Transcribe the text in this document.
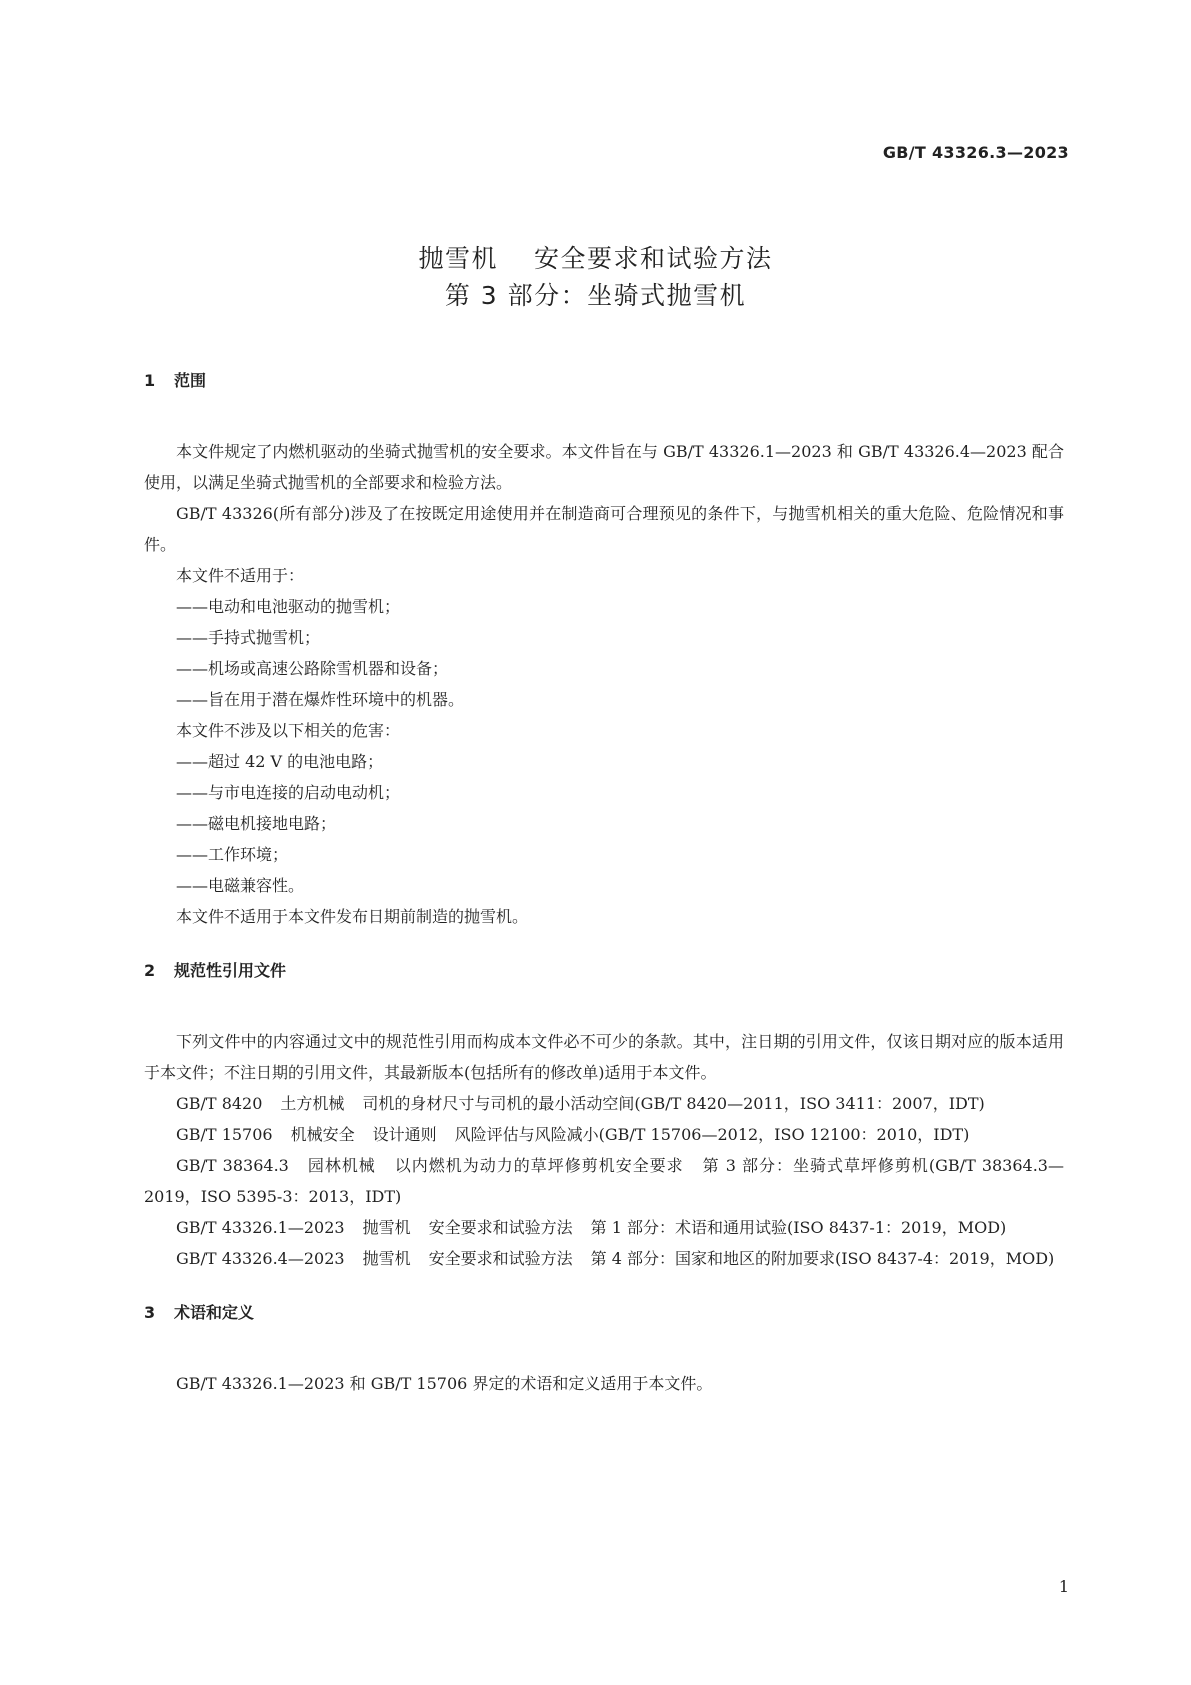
GB/T 43326.3—2023
抛雪机 安全要求和试验方法
第 3 部分：坐骑式抛雪机
1 范围
本文件规定了内燃机驱动的坐骑式抛雪机的安全要求。本文件旨在与 GB/T 43326.1—2023 和 GB/T 43326.4—2023 配合使用，以满足坐骑式抛雪机的全部要求和检验方法。
GB/T 43326(所有部分)涉及了在按既定用途使用并在制造商可合理预见的条件下，与抛雪机相关的重大危险、危险情况和事件。
本文件不适用于：
——电动和电池驱动的抛雪机；
——手持式抛雪机；
——机场或高速公路除雪机器和设备；
——旨在用于潜在爆炸性环境中的机器。
本文件不涉及以下相关的危害：
——超过 42 V 的电池电路；
——与市电连接的启动电动机；
——磁电机接地电路；
——工作环境；
——电磁兼容性。
本文件不适用于本文件发布日期前制造的抛雪机。
2 规范性引用文件
下列文件中的内容通过文中的规范性引用而构成本文件必不可少的条款。其中，注日期的引用文件，仅该日期对应的版本适用于本文件；不注日期的引用文件，其最新版本(包括所有的修改单)适用于本文件。
GB/T 8420 土方机械 司机的身材尺寸与司机的最小活动空间(GB/T 8420—2011，ISO 3411：2007，IDT)
GB/T 15706 机械安全 设计通则 风险评估与风险减小(GB/T 15706—2012，ISO 12100：2010，IDT)
GB/T 38364.3 园林机械 以内燃机为动力的草坪修剪机安全要求 第 3 部分：坐骑式草坪修剪机(GB/T 38364.3—2019，ISO 5395-3：2013，IDT)
GB/T 43326.1—2023 抛雪机 安全要求和试验方法 第 1 部分：术语和通用试验(ISO 8437-1：2019，MOD)
GB/T 43326.4—2023 抛雪机 安全要求和试验方法 第 4 部分：国家和地区的附加要求(ISO 8437-4：2019，MOD)
3 术语和定义
GB/T 43326.1—2023 和 GB/T 15706 界定的术语和定义适用于本文件。
1
